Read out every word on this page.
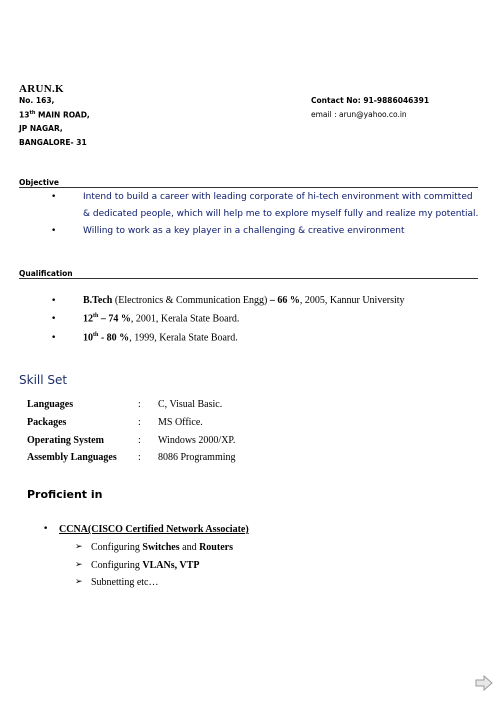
ARUN.K
No. 163,
13th MAIN ROAD,
JP NAGAR,
BANGALORE- 31
Contact No: 91-9886046391
email : arun@yahoo.co.in
Objective
•	Intend to build a career with leading corporate of hi-tech environment with committed
& dedicated people, which will help me to explore myself fully and realize my potential.
•	Willing to work as a key player in a challenging & creative environment
Qualification
•	B.Tech (Electronics & Communication Engg) – 66 %, 2005, Kannur University
•	12th – 74 %, 2001, Kerala State Board.
•	10th - 80 %, 1999, Kerala State Board.
Skill Set
Languages	: C, Visual Basic.
Packages	: MS Office.
Operating System	: Windows 2000/XP.
Assembly Languages : 8086 Programming
Proficient in
• CCNA(CISCO Certified Network Associate)
➢ Configuring Switches and Routers
➢ Configuring VLANs, VTP
➢ Subnetting etc…
